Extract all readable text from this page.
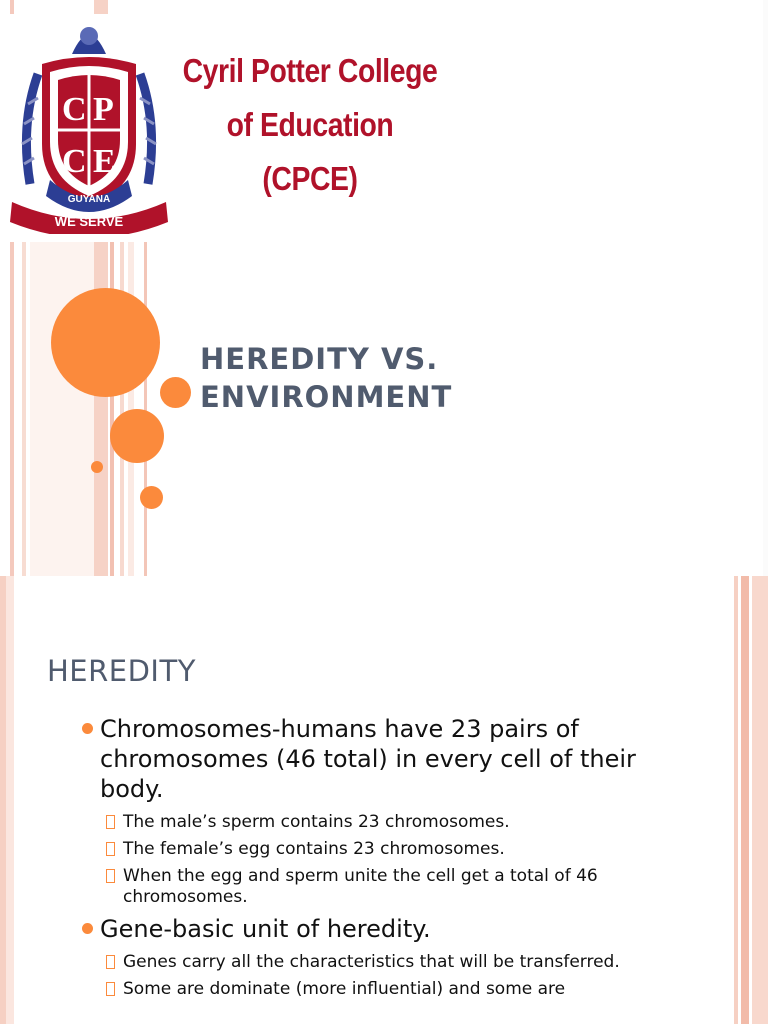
C P
C E
GUYANA
WE SERVE
Cyril Potter College
of Education
(CPCE)
HEREDITY VS.
ENVIRONMENT
HEREDITY
Chromosomes-humans have 23 pairs of chromosomes (46 total) in every cell of their body.
The male’s sperm contains 23 chromosomes.
The female’s egg contains 23 chromosomes.
When the egg and sperm unite the cell get a total of 46 chromosomes.
Gene-basic unit of heredity.
Genes carry all the characteristics that will be transferred.
Some are dominate (more influential) and some are
